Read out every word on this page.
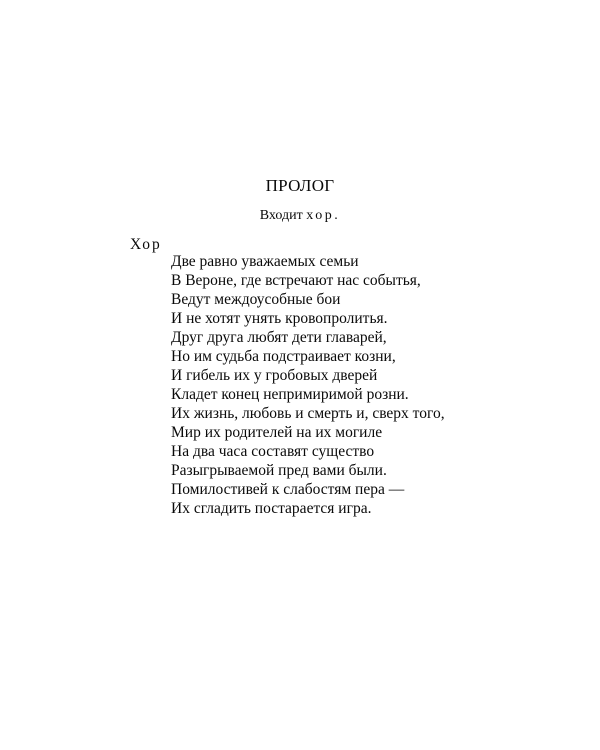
ПРОЛОГ
Входит хор.
Хор
Две равно уважаемых семьи
В Вероне, где встречают нас событья,
Ведут междоусобные бои
И не хотят унять кровопролитья.
Друг друга любят дети главарей,
Но им судьба подстраивает козни,
И гибель их у гробовых дверей
Кладет конец непримиримой розни.
Их жизнь, любовь и смерть и, сверх того,
Мир их родителей на их могиле
На два часа составят существо
Разыгрываемой пред вами были.
Помилостивей к слабостям пера —
Их сгладить постарается игра.
